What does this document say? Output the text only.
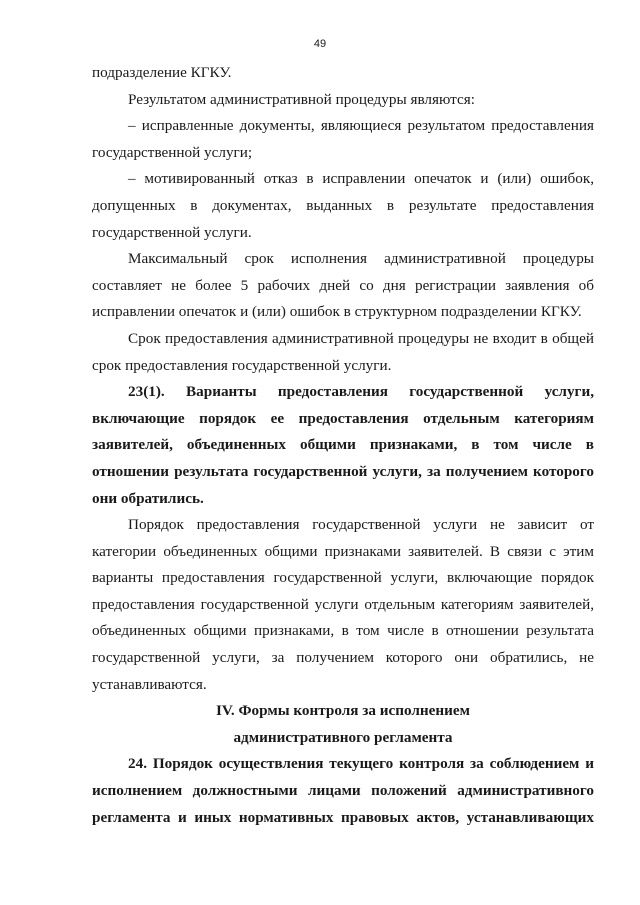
49

подразделение КГКУ.

Результатом административной процедуры являются:

– исправленные документы, являющиеся результатом предоставления государственной услуги;

– мотивированный отказ в исправлении опечаток и (или) ошибок, допущенных в документах, выданных в результате предоставления государственной услуги.

Максимальный срок исполнения административной процедуры составляет не более 5 рабочих дней со дня регистрации заявления об исправлении опечаток и (или) ошибок в структурном подразделении КГКУ.

Срок предоставления административной процедуры не входит в общей срок предоставления государственной услуги.

23(1). Варианты предоставления государственной услуги, включающие порядок ее предоставления отдельным категориям заявителей, объединенных общими признаками, в том числе в отношении результата государственной услуги, за получением которого они обратились.

Порядок предоставления государственной услуги не зависит от категории объединенных общими признаками заявителей. В связи с этим варианты предоставления государственной услуги, включающие порядок предоставления государственной услуги отдельным категориям заявителей, объединенных общими признаками, в том числе в отношении результата государственной услуги, за получением которого они обратились, не устанавливаются.

IV. Формы контроля за исполнением

административного регламента

24. Порядок осуществления текущего контроля за соблюдением и исполнением должностными лицами положений административного регламента и иных нормативных правовых актов, устанавливающих
